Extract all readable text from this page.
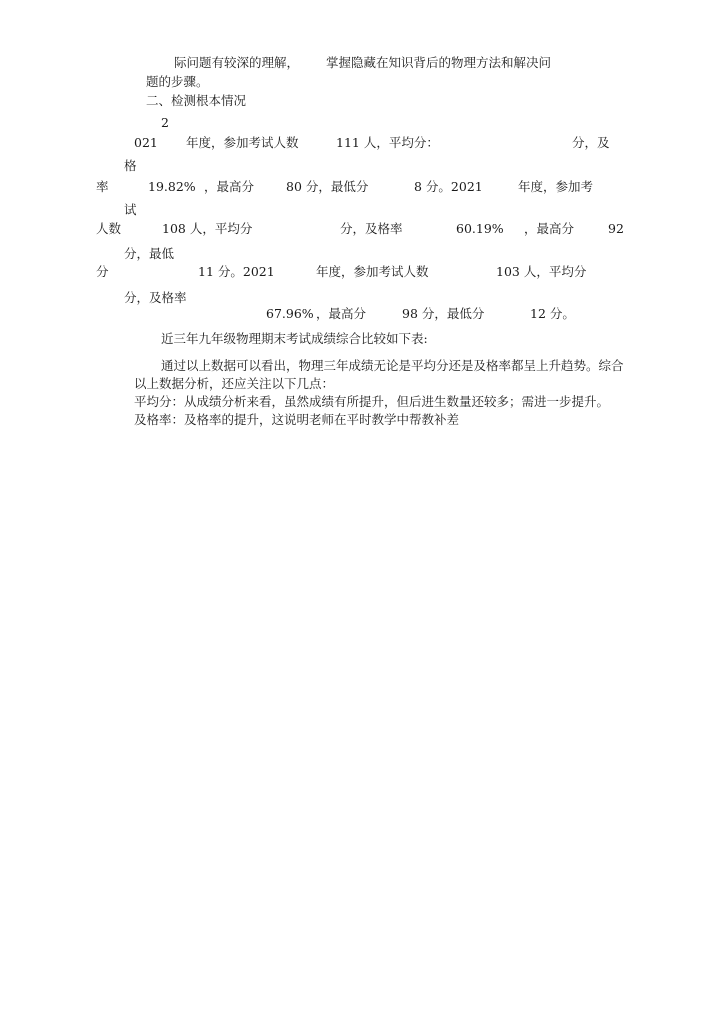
际问题有较深的理解， 掌握隐藏在知识背后的物理方法和解决问
题的步骤。
二、检测根本情况
2
021 年度，参加考试人数	111 人，平均分：	分，及
格
率	19.82% ，最高分	80 分，最低分	8 分。2021	年度，参加考
试
人数	108 人，平均分	分，及格率	60.19% ，最高分	92
分，最低
分	11 分。2021	年度，参加考试人数	103 人，平均分
分，及格率
67.96% ，最高分	98 分，最低分	12 分。
近三年九年级物理期末考试成绩综合比较如下表:
通过以上数据可以看出，物理三年成绩无论是平均分还是及格率都呈上升趋势。综合
以上数据分析，还应关注以下几点：
平均分：从成绩分析来看，虽然成绩有所提升，但后进生数量还较多；需进一步提升。
及格率：及格率的提升，这说明老师在平时教学中帮教补差
